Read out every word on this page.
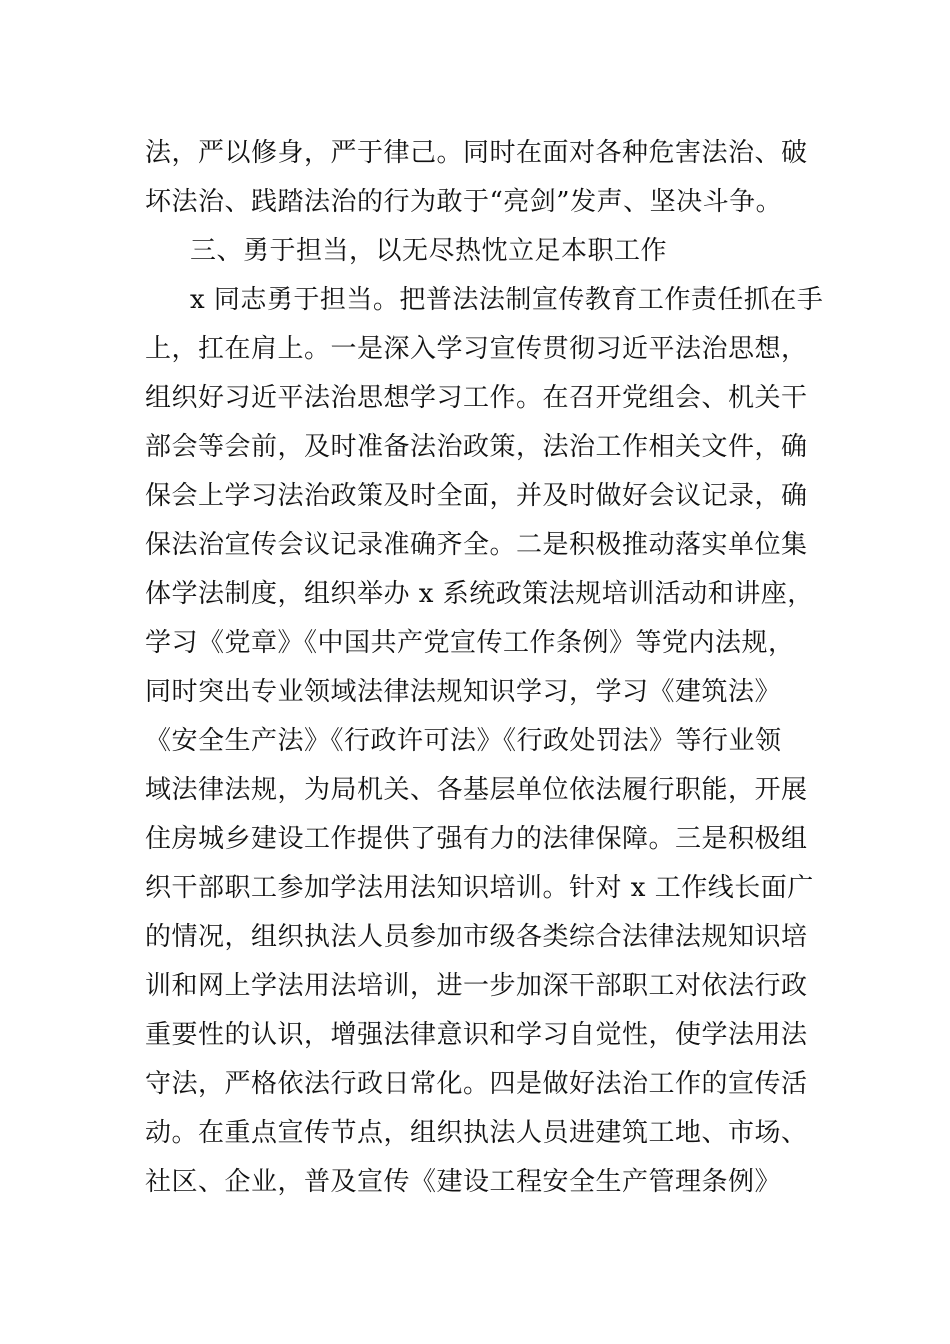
法，严以修身，严于律己。同时在面对各种危害法治、破
坏法治、践踏法治的行为敢于“亮剑”发声、坚决斗争。
三、勇于担当，以无尽热忱立足本职工作
x 同志勇于担当。把普法法制宣传教育工作责任抓在手
上，扛在肩上。一是深入学习宣传贯彻习近平法治思想，
组织好习近平法治思想学习工作。在召开党组会、机关干
部会等会前，及时准备法治政策，法治工作相关文件，确
保会上学习法治政策及时全面，并及时做好会议记录，确
保法治宣传会议记录准确齐全。二是积极推动落实单位集
体学法制度，组织举办 x 系统政策法规培训活动和讲座，
学习《党章》《中国共产党宣传工作条例》等党内法规，
同时突出专业领域法律法规知识学习，学习《建筑法》
《安全生产法》《行政许可法》《行政处罚法》等行业领
域法律法规，为局机关、各基层单位依法履行职能，开展
住房城乡建设工作提供了强有力的法律保障。三是积极组
织干部职工参加学法用法知识培训。针对 x 工作线长面广
的情况，组织执法人员参加市级各类综合法律法规知识培
训和网上学法用法培训，进一步加深干部职工对依法行政
重要性的认识，增强法律意识和学习自觉性，使学法用法
守法，严格依法行政日常化。四是做好法治工作的宣传活
动。在重点宣传节点，组织执法人员进建筑工地、市场、
社区、企业，普及宣传《建设工程安全生产管理条例》
